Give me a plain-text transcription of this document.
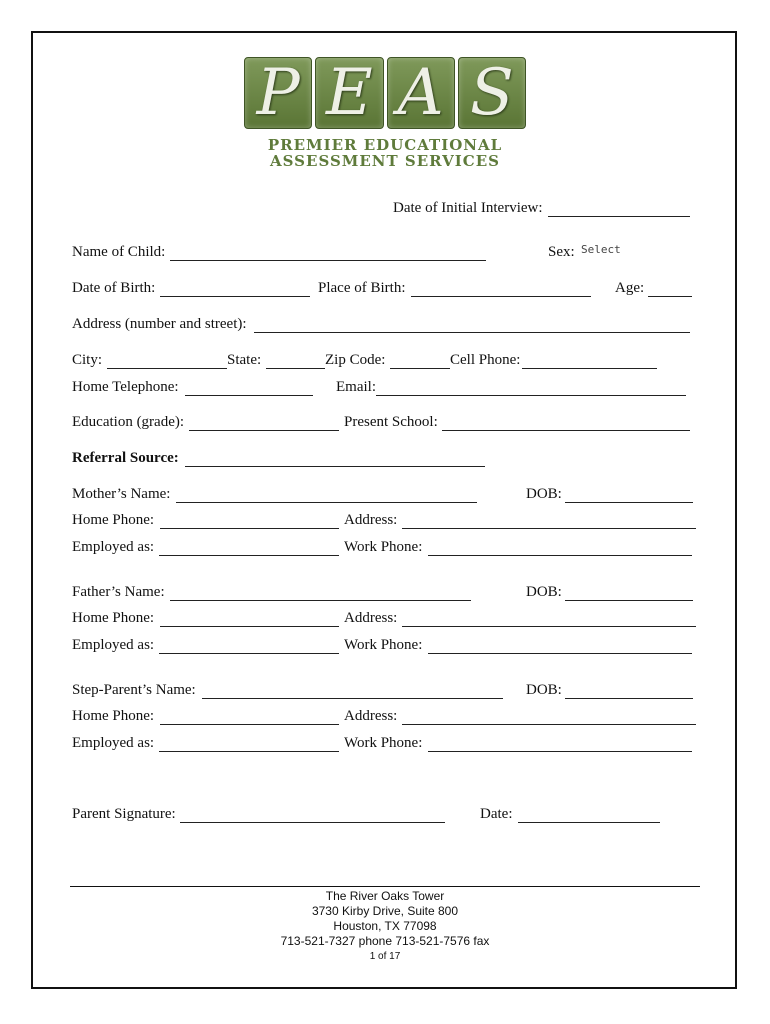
P E A S
PREMIER EDUCATIONAL
ASSESSMENT SERVICES
Date of Initial Interview:
Name of Child:	Sex: Select
Date of Birth:	Place of Birth:	Age:
Address (number and street):
City:	State:	Zip Code:	Cell Phone:
Home Telephone:	Email:
Education (grade):	Present School:
Referral Source:
Mother’s Name:	DOB:
Home Phone:	Address:
Employed as:	Work Phone:
Father’s Name:	DOB:
Home Phone:	Address:
Employed as:	Work Phone:
Step-Parent’s Name:	DOB:
Home Phone:	Address:
Employed as:	Work Phone:
Parent Signature:	Date:
The River Oaks Tower
3730 Kirby Drive, Suite 800
Houston, TX 77098
713-521-7327 phone 713-521-7576 fax
1 of 17
